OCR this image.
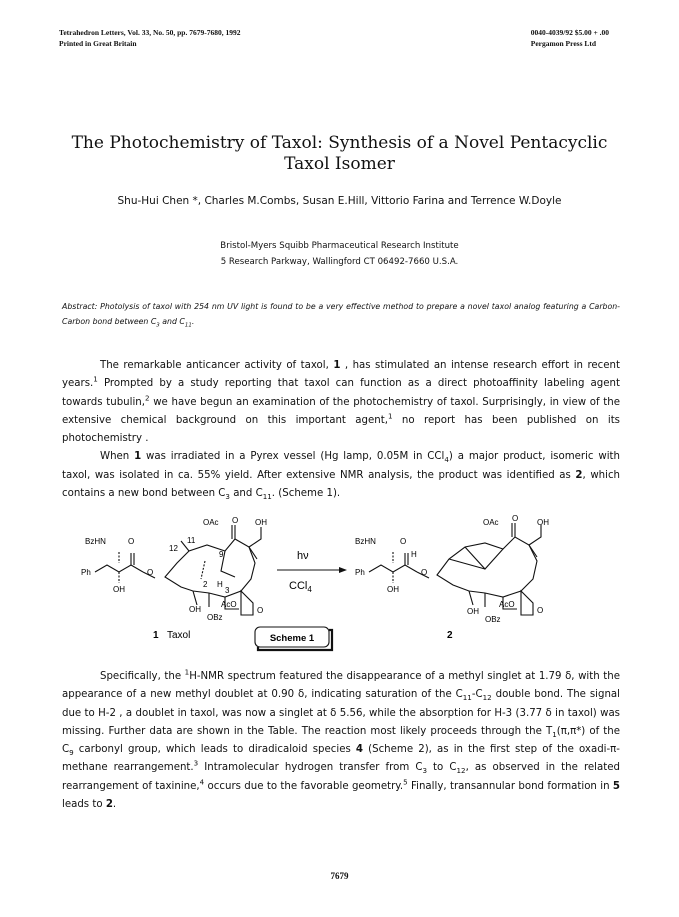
Tetrahedron Letters, Vol. 33, No. 50, pp. 7679-7680, 1992
Printed in Great Britain
0040-4039/92 $5.00 + .00
Pergamon Press Ltd
The Photochemistry of Taxol: Synthesis of a Novel Pentacyclic
Taxol Isomer
Shu-Hui Chen *, Charles M.Combs, Susan E.Hill, Vittorio Farina and Terrence W.Doyle
Bristol-Myers Squibb Pharmaceutical Research Institute
5 Research Parkway, Wallingford CT 06492-7660 U.S.A.
Abstract: Photolysis of taxol with 254 nm UV light is found to be a very effective method to prepare a novel taxol analog featuring a Carbon-Carbon bond between $C_3$ and $C_{11}$.

The remarkable anticancer activity of taxol, 1 , has stimulated an intense research effort in recent years.$^1$ Prompted by a study reporting that taxol can function as a direct photoaffinity labeling agent towards tubulin,$^2$ we have begun an examination of the photochemistry of taxol. Surprisingly, in view of the extensive chemical background on this important agent,$^1$ no report has been published on its photochemistry .

When 1 was irradiated in a Pyrex vessel (Hg lamp, 0.05M in CCl$_4$) a major product, isomeric with taxol, was isolated in ca. 55% yield. After extensive NMR analysis, the product was identified as 2, which contains a new bond between $C_3$ and $C_{11}$. (Scheme 1).

BzHN	O
Ph	O
OH
12
11
9
OAc O OH
2 H
3
OH
AcO
OBz
O
1 Taxol
hν
CCl$_4$
BzHN	O
H
Ph	O
OH
OAc O OH
OH
AcO
OBz
O
2
Scheme 1

Specifically, the $^1$H-NMR spectrum featured the disappearance of a methyl singlet at 1.79 δ, with the appearance of a new methyl doublet at 0.90 δ, indicating saturation of the $C_{11}-C_{12}$ double bond. The signal due to H-2 , a doublet in taxol, was now a singlet at δ 5.56, while the absorption for H-3 (3.77 δ in taxol) was missing. Further data are shown in the Table. The reaction most likely proceeds through the $T_1(\pi,\pi*)$ of the $C_9$ carbonyl group, which leads to diradicaloid species 4 (Scheme 2), as in the first step of the oxadi-π-methane rearrangement.$^3$ Intramolecular hydrogen transfer from $C_3$ to $C_{12}$, as observed in the related rearrangement of taxinine,$^4$ occurs due to the favorable geometry.$^5$ Finally, transannular bond formation in 5 leads to 2.

7679
